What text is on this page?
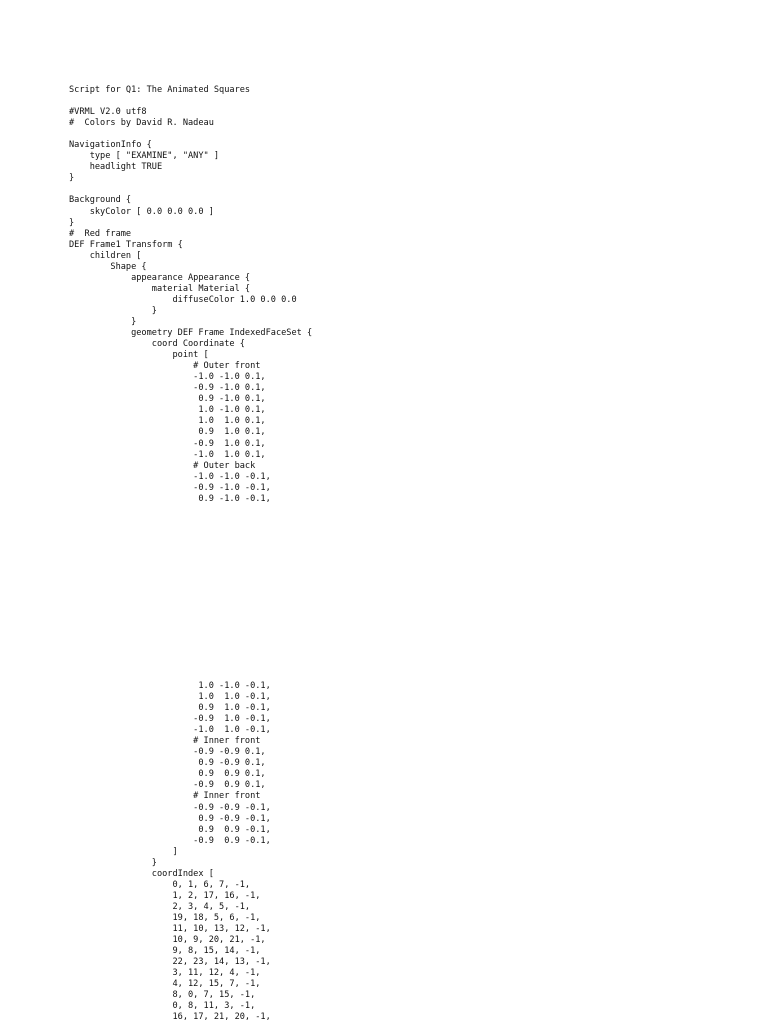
Script for Q1: The Animated Squares

#VRML V2.0 utf8
#  Colors by David R. Nadeau

NavigationInfo {
type [ "EXAMINE", "ANY" ]
headlight TRUE
}

Background {
skyColor [ 0.0 0.0 0.0 ]
}
#  Red frame
DEF Frame1 Transform {
children [
Shape {
appearance Appearance {
material Material {
diffuseColor 1.0 0.0 0.0
}
}
geometry DEF Frame IndexedFaceSet {
coord Coordinate {
point [
# Outer front
-1.0 -1.0 0.1,
-0.9 -1.0 0.1,
0.9 -1.0 0.1,
1.0 -1.0 0.1,
1.0  1.0 0.1,
0.9  1.0 0.1,
-0.9  1.0 0.1,
-1.0  1.0 0.1,
# Outer back
-1.0 -1.0 -0.1,
-0.9 -1.0 -0.1,
0.9 -1.0 -0.1,
1.0 -1.0 -0.1,
1.0  1.0 -0.1,
0.9  1.0 -0.1,
-0.9  1.0 -0.1,
-1.0  1.0 -0.1,
# Inner front
-0.9 -0.9 0.1,
0.9 -0.9 0.1,
0.9  0.9 0.1,
-0.9  0.9 0.1,
# Inner front
-0.9 -0.9 -0.1,
0.9 -0.9 -0.1,
0.9  0.9 -0.1,
-0.9  0.9 -0.1,
]
}
coordIndex [
0, 1, 6, 7, -1,
1, 2, 17, 16, -1,
2, 3, 4, 5, -1,
19, 18, 5, 6, -1,
11, 10, 13, 12, -1,
10, 9, 20, 21, -1,
9, 8, 15, 14, -1,
22, 23, 14, 13, -1,
3, 11, 12, 4, -1,
4, 12, 15, 7, -1,
8, 0, 7, 15, -1,
0, 8, 11, 3, -1,
16, 17, 21, 20, -1,
